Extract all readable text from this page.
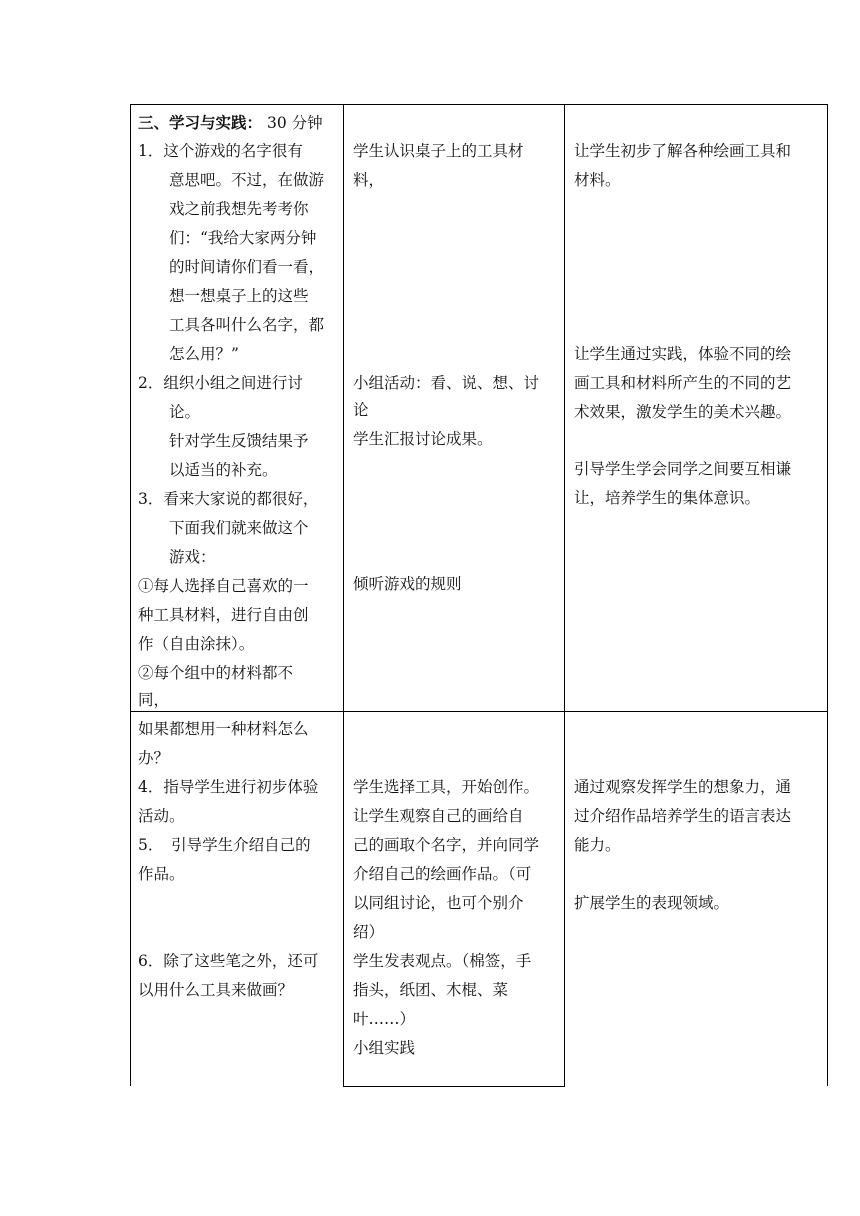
三、学习与实践： 30 分钟
1．这个游戏的名字很有
　　意思吧。不过，在做游
　　戏之前我想先考考你
　　们：“我给大家两分钟
　　的时间请你们看一看，
　　想一想桌子上的这些
　　工具各叫什么名字，都
　　怎么用？”
2．组织小组之间进行讨
　　论。
　　针对学生反馈结果予
　　以适当的补充。
3．看来大家说的都很好，
　　下面我们就来做这个
　　游戏：
①每人选择自己喜欢的一
种工具材料，进行自由创
作（自由涂抹）。
②每个组中的材料都不
同，
学生认识桌子上的工具材
料，
小组活动：看、说、想、讨
论
学生汇报讨论成果。
倾听游戏的规则
让学生初步了解各种绘画工具和
材料。
让学生通过实践，体验不同的绘
画工具和材料所产生的不同的艺
术效果，激发学生的美术兴趣。
引导学生学会同学之间要互相谦
让，培养学生的集体意识。
如果都想用一种材料怎么
办？
4．指导学生进行初步体验
活动。
5．　引导学生介绍自己的
作品。
6．除了这些笔之外，还可
以用什么工具来做画？
学生选择工具，开始创作。
让学生观察自己的画给自
己的画取个名字，并向同学
介绍自己的绘画作品。（可
以同组讨论，也可个别介
绍）
学生发表观点。（棉签，手
指头，纸团、木棍、菜
叶……）
小组实践
通过观察发挥学生的想象力，通
过介绍作品培养学生的语言表达
能力。
扩展学生的表现领域。
